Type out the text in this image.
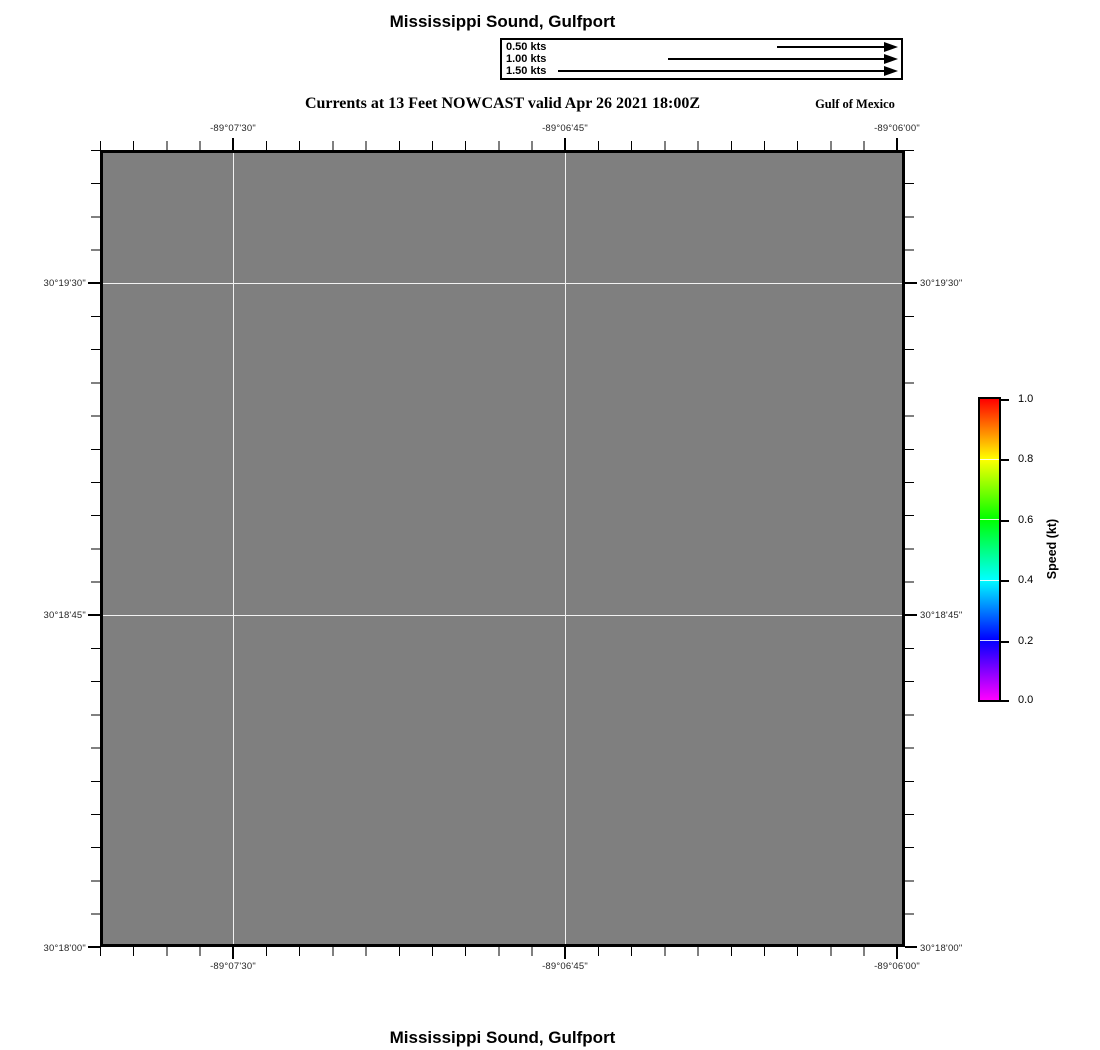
Mississippi Sound, Gulfport
0.50 kts
1.00 kts
1.50 kts
Currents at 13 Feet NOWCAST valid Apr 26 2021 18:00Z	Gulf of Mexico
-89°07'30"	-89°06'45"	-89°06'00"
30°19'30"
30°18'45"
30°18'00"
30°19'30"
30°18'45"
30°18'00"
-89°07'30"	-89°06'45"	-89°06'00"
1.0
0.8
0.6
0.4
0.2
0.0
Speed (kt)
Mississippi Sound, Gulfport
